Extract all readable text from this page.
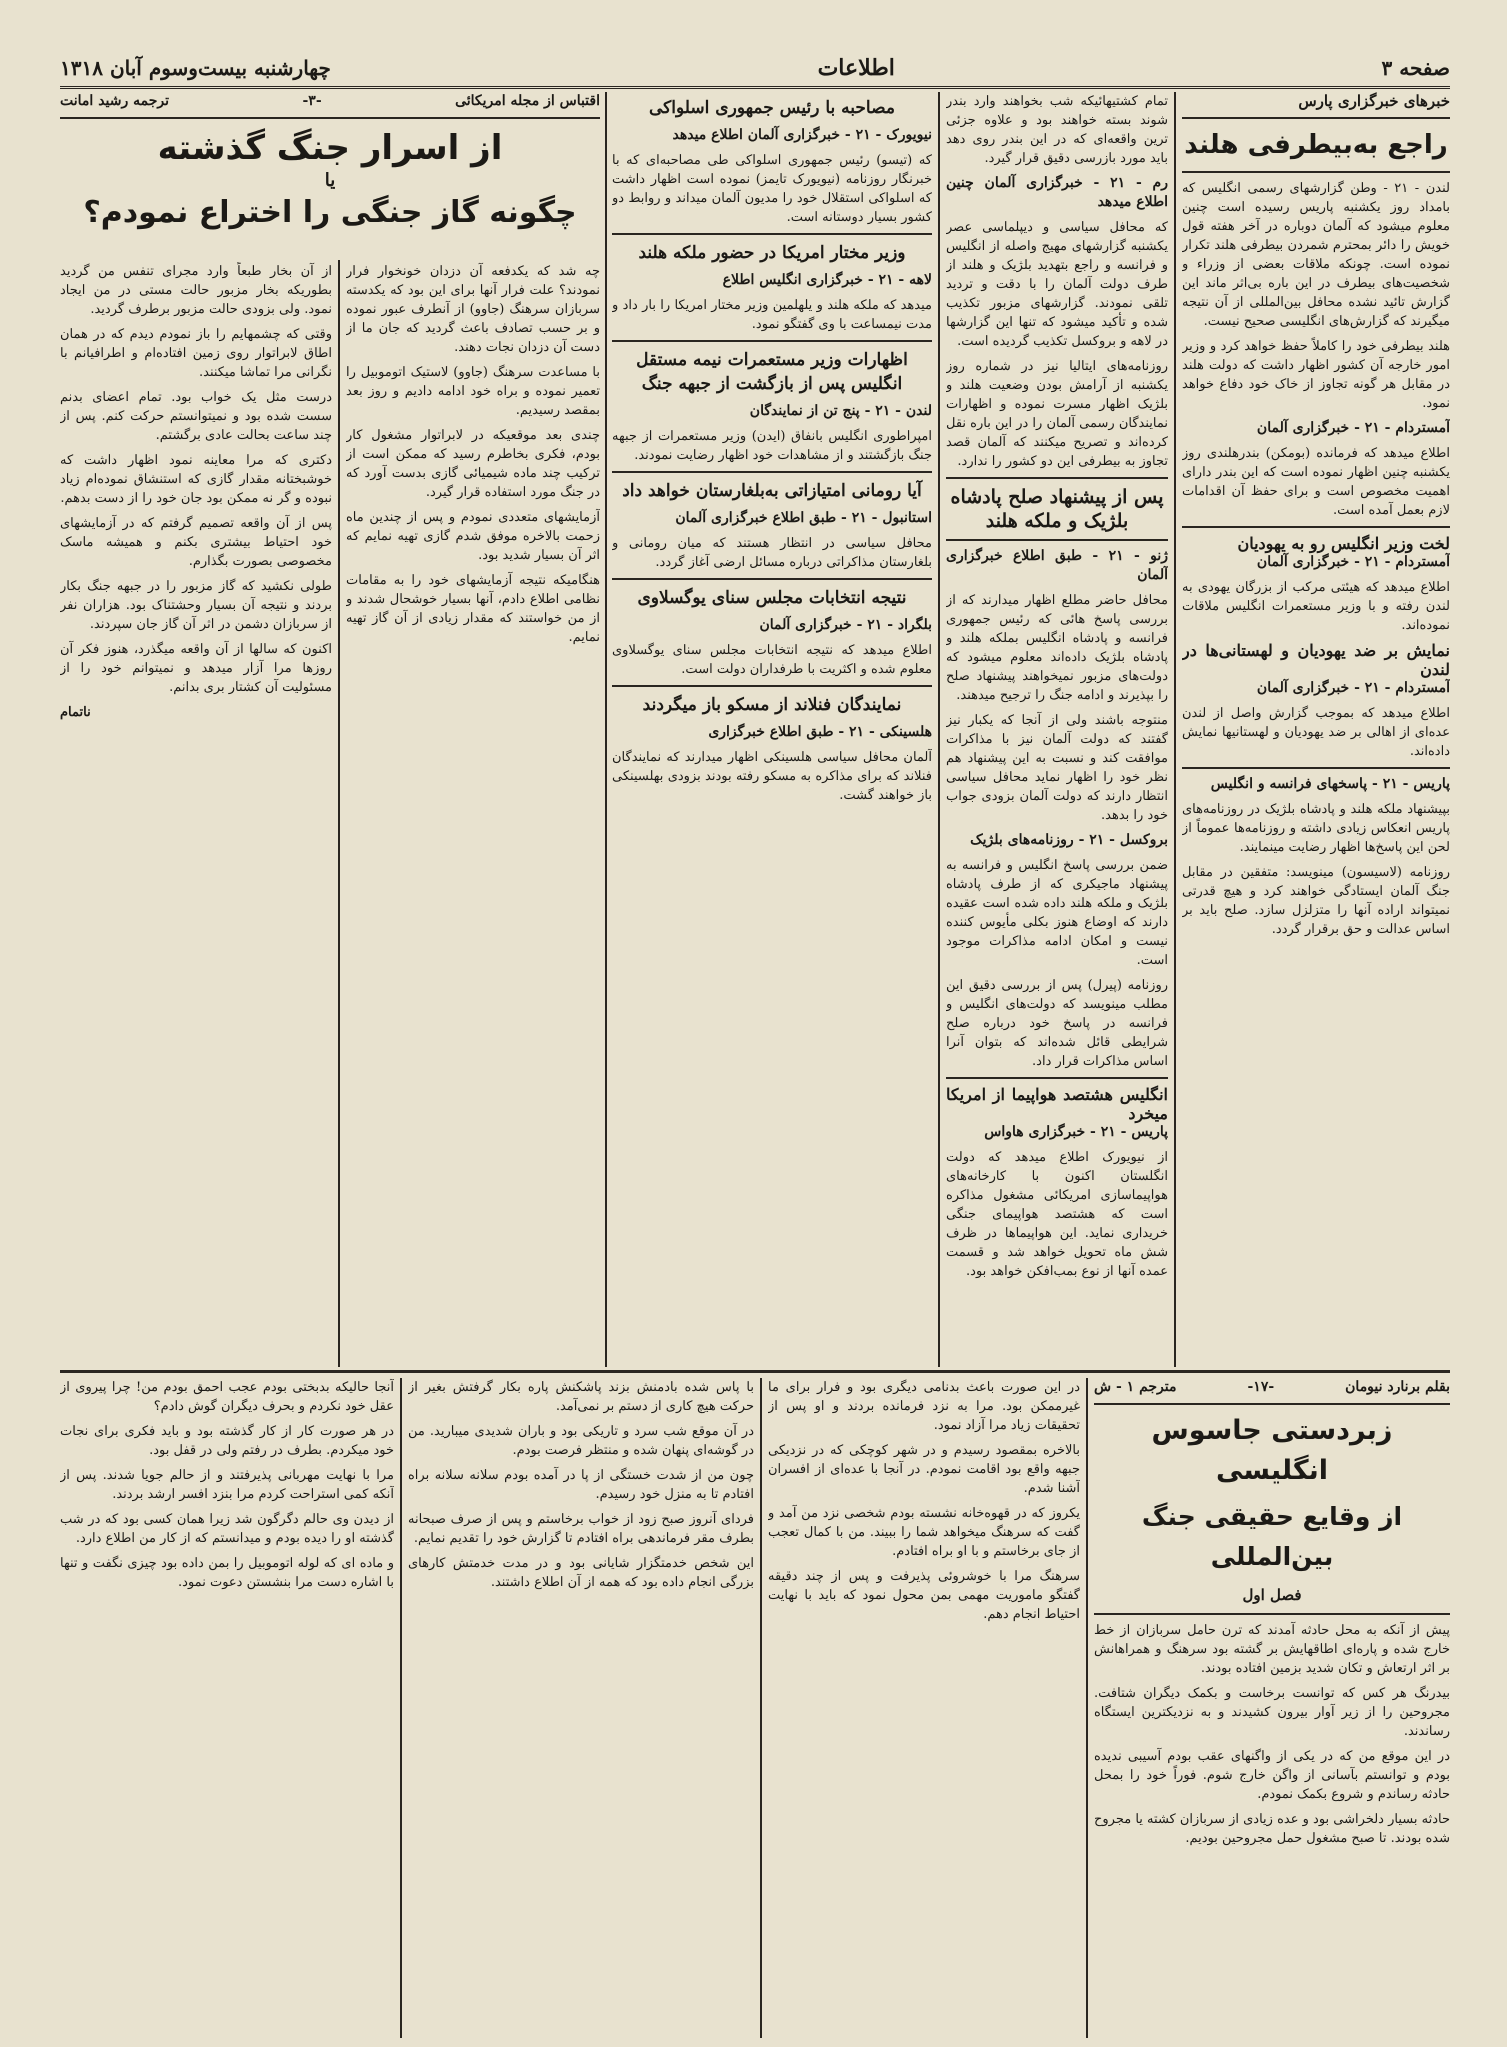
صفحه ۳
اطلاعات
چهارشنبه بیست‌وسوم آبان ۱۳۱۸
خبرهای خبرگزاری پارس
راجع به‌بیطرفی هلند

لندن - ۲۱ - وطن گزارشهای رسمی انگلیس که بامداد روز یکشنبه پاریس رسیده است چنین معلوم میشود که آلمان دوباره در آخر هفته قول خویش را دائر بمحترم شمردن بیطرفی هلند تکرار نموده است. چونکه ملاقات بعضی از وزراء و شخصیت‌های بیطرف در این باره بی‌اثر ماند این گزارش تائید نشده محافل بین‌المللی از آن نتیجه میگیرند که گزارش‌های انگلیسی صحیح نیست.

هلند بیطرفی خود را کاملاً حفظ خواهد کرد و وزیر امور خارجه آن کشور اظهار داشت که دولت هلند در مقابل هر گونه تجاوز از خاک خود دفاع خواهد نمود.

آمستردام - ۲۱ - خبرگزاری آلمان

اطلاع میدهد که فرمانده (بومکن) بندرهلندی روز یکشنبه چنین اظهار نموده است که این بندر دارای اهمیت مخصوص است و برای حفظ آن اقدامات لازم بعمل آمده است.

لخت وزیر انگلیس رو به یهودیان

آمستردام - ۲۱ - خبرگزاری آلمان

اطلاع میدهد که هیئتی مرکب از بزرگان یهودی به لندن رفته و با وزیر مستعمرات انگلیس ملاقات نموده‌اند.

نمایش بر ضد یهودیان و لهستانی‌ها در لندن

آمستردام - ۲۱ - خبرگزاری آلمان

اطلاع میدهد که بموجب گزارش واصل از لندن عده‌ای از اهالی بر ضد یهودیان و لهستانیها نمایش داده‌اند.

پاریس - ۲۱ - پاسخهای فرانسه و انگلیس

بپیشنهاد ملکه هلند و پادشاه بلژیک در روزنامه‌های پاریس انعکاس زیادی داشته و روزنامه‌ها عموماً از لحن این پاسخ‌ها اظهار رضایت مینمایند.

روزنامه (لاسیسون) مینویسد: متفقین در مقابل جنگ آلمان ایستادگی خواهند کرد و هیچ قدرتی نمیتواند اراده آنها را متزلزل سازد. صلح باید بر اساس عدالت و حق برقرار گردد.

تمام کشتیهائیکه شب بخواهند وارد بندر شوند بسته خواهند بود و علاوه جزئی ترین واقعه‌ای که در این بندر روی دهد باید مورد بازرسی دقیق قرار گیرد.

رم - ۲۱ - خبرگزاری آلمان چنین اطلاع میدهد

که محافل سیاسی و دیپلماسی عصر یکشنبه گزارشهای مهیج واصله از انگلیس و فرانسه و راجع بتهدید بلژیک و هلند از طرف دولت آلمان را با دقت و تردید تلقی نمودند. گزارشهای مزبور تکذیب شده و تأکید میشود که تنها این گزارشها در لاهه و بروکسل تکذیب گردیده است.

روزنامه‌های ایتالیا نیز در شماره روز یکشنبه از آرامش بودن وضعیت هلند و بلژیک اظهار مسرت نموده و اظهارات نمایندگان رسمی آلمان را در این باره نقل کرده‌اند و تصریح میکنند که آلمان قصد تجاوز به بیطرفی این دو کشور را ندارد.

پس از پیشنهاد صلح پادشاه بلژیک و ملکه هلند

ژنو - ۲۱ - طبق اطلاع خبرگزاری آلمان

محافل حاضر مطلع اظهار میدارند که از بررسی پاسخ هائی که رئیس جمهوری فرانسه و پادشاه انگلیس بملکه هلند و پادشاه بلژیک داده‌اند معلوم میشود که دولت‌های مزبور نمیخواهند پیشنهاد صلح را بپذیرند و ادامه جنگ را ترجیح میدهند.

منتوجه باشند ولی از آنجا که یکبار نیز گفتند که دولت آلمان نیز با مذاکرات موافقت کند و نسبت به این پیشنهاد هم نظر خود را اظهار نماید محافل سیاسی انتظار دارند که دولت آلمان بزودی جواب خود را بدهد.

بروکسل - ۲۱ - روزنامه‌های بلژیک

ضمن بررسی پاسخ انگلیس و فرانسه به پیشنهاد ماجیکری که از طرف پادشاه بلژیک و ملکه هلند داده شده است عقیده دارند که اوضاع هنوز بکلی مأیوس کننده نیست و امکان ادامه مذاکرات موجود است.

روزنامه (پیرل) پس از بررسی دقیق این مطلب مینویسد که دولت‌های انگلیس و فرانسه در پاسخ خود درباره صلح شرایطی قائل شده‌اند که بتوان آنرا اساس مذاکرات قرار داد.

انگلیس هشتصد هواپیما از امریکا میخرد

پاریس - ۲۱ - خبرگزاری هاواس

از نیویورک اطلاع میدهد که دولت انگلستان اکنون با کارخانه‌های هواپیماسازی امریکائی مشغول مذاکره است که هشتصد هواپیمای جنگی خریداری نماید. این هواپیماها در ظرف شش ماه تحویل خواهد شد و قسمت عمده آنها از نوع بمب‌افکن خواهد بود.

مصاحبه با رئیس جمهوری اسلواکی

نیویورک - ۲۱ - خبرگزاری آلمان اطلاع میدهد

که (تیسو) رئیس جمهوری اسلواکی طی مصاحبه‌ای که با خبرنگار روزنامه (نیویورک تایمز) نموده است اظهار داشت که اسلواکی استقلال خود را مدیون آلمان میداند و روابط دو کشور بسیار دوستانه است.

وزیر مختار امریکا در حضور ملکه هلند

لاهه - ۲۱ - خبرگزاری انگلیس اطلاع

میدهد که ملکه هلند و یلهلمین وزیر مختار امریکا را بار داد و مدت نیمساعت با وی گفتگو نمود.

اظهارات وزیر مستعمرات نیمه مستقل انگلیس پس از بازگشت از جبهه جنگ

لندن - ۲۱ - پنج تن از نمایندگان

امپراطوری انگلیس بانفاق (ایدن) وزیر مستعمرات از جبهه جنگ بازگشتند و از مشاهدات خود اظهار رضایت نمودند.

آیا رومانی امتیازاتی به‌بلغارستان خواهد داد

استانبول - ۲۱ - طبق اطلاع خبرگزاری آلمان

محافل سیاسی در انتظار هستند که میان رومانی و بلغارستان مذاکراتی درباره مسائل ارضی آغاز گردد.

نتیجه انتخابات مجلس سنای یوگسلاوی

بلگراد - ۲۱ - خبرگزاری آلمان

اطلاع میدهد که نتیجه انتخابات مجلس سنای یوگسلاوی معلوم شده و اکثریت با طرفداران دولت است.

نمایندگان فنلاند از مسکو باز میگردند

هلسینکی - ۲۱ - طبق اطلاع خبرگزاری

آلمان محافل سیاسی هلسینکی اظهار میدارند که نمایندگان فنلاند که برای مذاکره به مسکو رفته بودند بزودی بهلسینکی باز خواهند گشت.

اقتباس از مجله امریکائی
-۳-
ترجمه رشید امانت
از اسرار جنگ گذشته
یا
چگونه گاز جنگی را اختراع نمودم؟

چه شد که یکدفعه آن دزدان خونخوار فرار نمودند؟ علت فرار آنها برای این بود که یکدسته سربازان سرهنگ (جاوو) از آنطرف عبور نموده و بر حسب تصادف باعث گردید که جان ما از دست آن دزدان نجات دهند.

با مساعدت سرهنگ (جاوو) لاستیک اتوموبیل را تعمیر نموده و براه خود ادامه دادیم و روز بعد بمقصد رسیدیم.

چندی بعد موقعیکه در لابراتوار مشغول کار بودم، فکری بخاطرم رسید که ممکن است از ترکیب چند ماده شیمیائی گازی بدست آورد که در جنگ مورد استفاده قرار گیرد.

آزمایشهای متعددی نمودم و پس از چندین ماه زحمت بالاخره موفق شدم گازی تهیه نمایم که اثر آن بسیار شدید بود.

هنگامیکه نتیجه آزمایشهای خود را به مقامات نظامی اطلاع دادم، آنها بسیار خوشحال شدند و از من خواستند که مقدار زیادی از آن گاز تهیه نمایم.

از آن بخار طبعاً وارد مجرای تنفس من گردید بطوریکه بخار مزبور حالت مستی در من ایجاد نمود. ولی بزودی حالت مزبور برطرف گردید.

وقتی که چشمهایم را باز نمودم دیدم که در همان اطاق لابراتوار روی زمین افتاده‌ام و اطرافیانم با نگرانی مرا تماشا میکنند.

درست مثل یک خواب بود. تمام اعضای بدنم سست شده بود و نمیتوانستم حرکت کنم. پس از چند ساعت بحالت عادی برگشتم.

دکتری که مرا معاینه نمود اظهار داشت که خوشبختانه مقدار گازی که استنشاق نموده‌ام زیاد نبوده و گر نه ممکن بود جان خود را از دست بدهم.

پس از آن واقعه تصمیم گرفتم که در آزمایشهای خود احتیاط بیشتری بکنم و همیشه ماسک مخصوصی بصورت بگذارم.

طولی نکشید که گاز مزبور را در جبهه جنگ بکار بردند و نتیجه آن بسیار وحشتناک بود. هزاران نفر از سربازان دشمن در اثر آن گاز جان سپردند.

اکنون که سالها از آن واقعه میگذرد، هنوز فکر آن روزها مرا آزار میدهد و نمیتوانم خود را از مسئولیت آن کشتار بری بدانم.

ناتمام

بقلم برنارد نیومان
-۱۷-
مترجم ۱ - ش
زبردستی جاسوس انگلیسی
از وقایع حقیقی جنگ بین‌المللی
فصل اول

پیش از آنکه به محل حادثه آمدند که ترن حامل سربازان از خط خارج شده و پاره‌ای اطاقهایش بر گشته بود سرهنگ و همراهانش بر اثر ارتعاش و تکان شدید بزمین افتاده بودند.

بیدرنگ هر کس که توانست برخاست و بکمک دیگران شتافت. مجروحین را از زیر آوار بیرون کشیدند و به نزدیکترین ایستگاه رساندند.

در این موقع من که در یکی از واگنهای عقب بودم آسیبی ندیده بودم و توانستم بآسانی از واگن خارج شوم. فوراً خود را بمحل حادثه رساندم و شروع بکمک نمودم.

حادثه بسیار دلخراشی بود و عده زیادی از سربازان کشته یا مجروح شده بودند. تا صبح مشغول حمل مجروحین بودیم.

در این صورت باعث بدنامی دیگری بود و فرار برای ما غیرممکن بود. مرا به نزد فرمانده بردند و او پس از تحقیقات زیاد مرا آزاد نمود.

بالاخره بمقصود رسیدم و در شهر کوچکی که در نزدیکی جبهه واقع بود اقامت نمودم. در آنجا با عده‌ای از افسران آشنا شدم.

یکروز که در قهوه‌خانه نشسته بودم شخصی نزد من آمد و گفت که سرهنگ میخواهد شما را ببیند. من با کمال تعجب از جای برخاستم و با او براه افتادم.

سرهنگ مرا با خوشروئی پذیرفت و پس از چند دقیقه گفتگو ماموریت مهمی بمن محول نمود که باید با نهایت احتیاط انجام دهم.

با پاس شده بادمنش بزند پاشکنش پاره بکار گرفتش بغیر از حرکت هیچ کاری از دستم بر نمی‌آمد.

در آن موقع شب سرد و تاریکی بود و باران شدیدی میبارید. من در گوشه‌ای پنهان شده و منتظر فرصت بودم.

چون من از شدت خستگی از پا در آمده بودم سلانه سلانه براه افتادم تا به منزل خود رسیدم.

فردای آنروز صبح زود از خواب برخاستم و پس از صرف صبحانه بطرف مقر فرماندهی براه افتادم تا گزارش خود را تقدیم نمایم.

این شخص خدمتگزار شایانی بود و در مدت خدمتش کارهای بزرگی انجام داده بود که همه از آن اطلاع داشتند.

آنجا حالیکه بدبختی بودم عجب احمق بودم من! چرا پیروی از عقل خود نکردم و بحرف دیگران گوش دادم؟

در هر صورت کار از کار گذشته بود و باید فکری برای نجات خود میکردم. بطرف در رفتم ولی در قفل بود.

مرا با نهایت مهربانی پذیرفتند و از حالم جویا شدند. پس از آنکه کمی استراحت کردم مرا بنزد افسر ارشد بردند.

از دیدن وی حالم دگرگون شد زیرا همان کسی بود که در شب گذشته او را دیده بودم و میدانستم که از کار من اطلاع دارد.

و ماده ای که لوله اتوموبیل را بمن داده بود چیزی نگفت و تنها با اشاره دست مرا بنشستن دعوت نمود.
